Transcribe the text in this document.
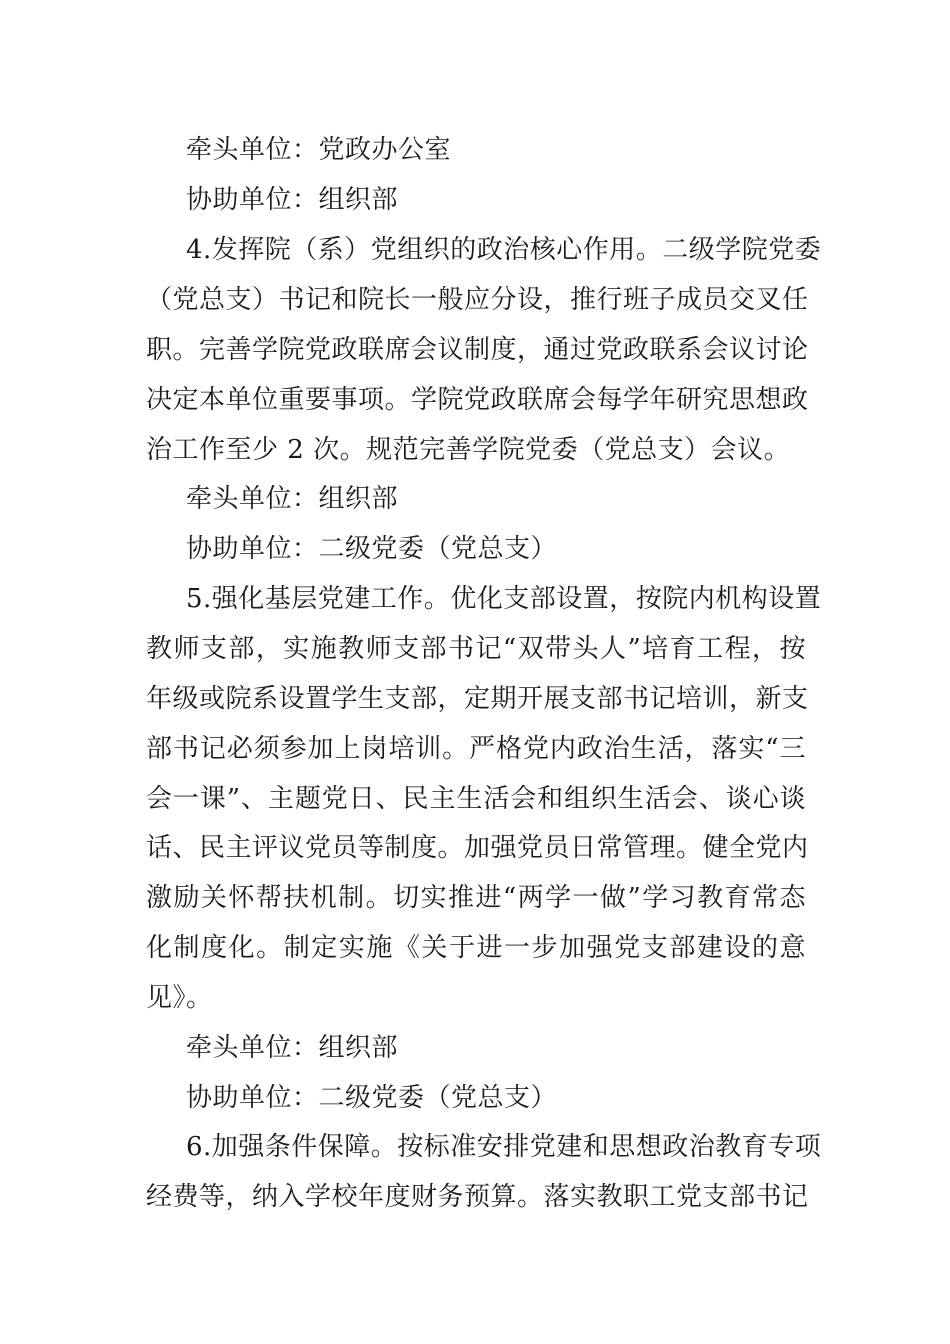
牵头单位：党政办公室
协助单位：组织部
4.发挥院（系）党组织的政治核心作用。二级学院党委
（党总支）书记和院长一般应分设，推行班子成员交叉任
职。完善学院党政联席会议制度，通过党政联系会议讨论
决定本单位重要事项。学院党政联席会每学年研究思想政
治工作至少 2 次。规范完善学院党委（党总支）会议。
牵头单位：组织部
协助单位：二级党委（党总支）
5.强化基层党建工作。优化支部设置，按院内机构设置
教师支部，实施教师支部书记“双带头人”培育工程，按
年级或院系设置学生支部，定期开展支部书记培训，新支
部书记必须参加上岗培训。严格党内政治生活，落实“三
会一课”、主题党日、民主生活会和组织生活会、谈心谈
话、民主评议党员等制度。加强党员日常管理。健全党内
激励关怀帮扶机制。切实推进“两学一做”学习教育常态
化制度化。制定实施《关于进一步加强党支部建设的意
见》。
牵头单位：组织部
协助单位：二级党委（党总支）
6.加强条件保障。按标准安排党建和思想政治教育专项
经费等，纳入学校年度财务预算。落实教职工党支部书记
